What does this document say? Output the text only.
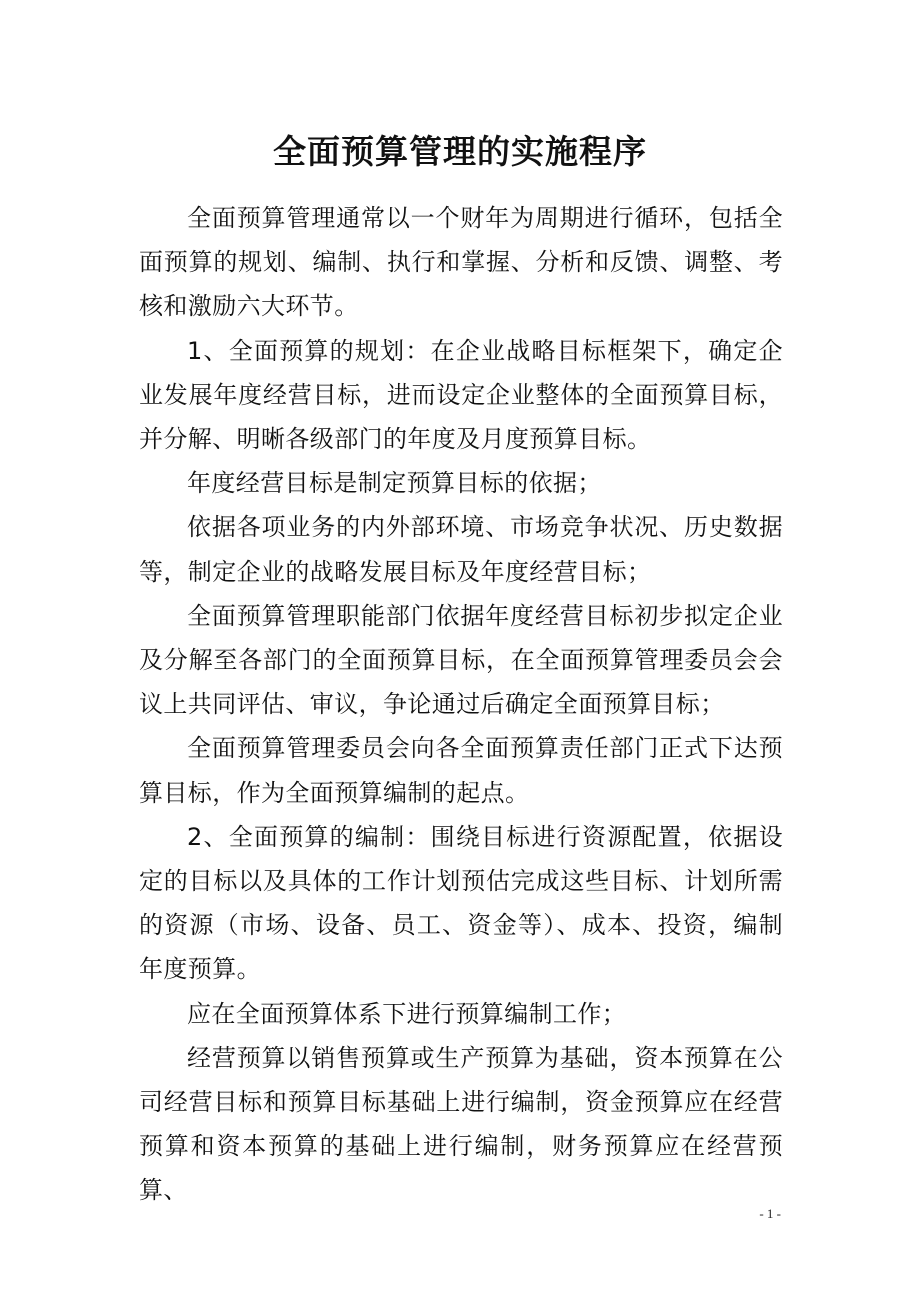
全面预算管理的实施程序

全面预算管理通常以一个财年为周期进行循环，包括全面预算的规划、编制、执行和掌握、分析和反馈、调整、考核和激励六大环节。

1、全面预算的规划：在企业战略目标框架下，确定企业发展年度经营目标，进而设定企业整体的全面预算目标，并分解、明晰各级部门的年度及月度预算目标。

年度经营目标是制定预算目标的依据；

依据各项业务的内外部环境、市场竞争状况、历史数据等，制定企业的战略发展目标及年度经营目标；

全面预算管理职能部门依据年度经营目标初步拟定企业及分解至各部门的全面预算目标，在全面预算管理委员会会议上共同评估、审议，争论通过后确定全面预算目标；

全面预算管理委员会向各全面预算责任部门正式下达预算目标，作为全面预算编制的起点。

2、全面预算的编制：围绕目标进行资源配置，依据设定的目标以及具体的工作计划预估完成这些目标、计划所需的资源（市场、设备、员工、资金等）、成本、投资，编制年度预算。

应在全面预算体系下进行预算编制工作；

经营预算以销售预算或生产预算为基础，资本预算在公司经营目标和预算目标基础上进行编制，资金预算应在经营预算和资本预算的基础上进行编制，财务预算应在经营预算、

- 1 -
